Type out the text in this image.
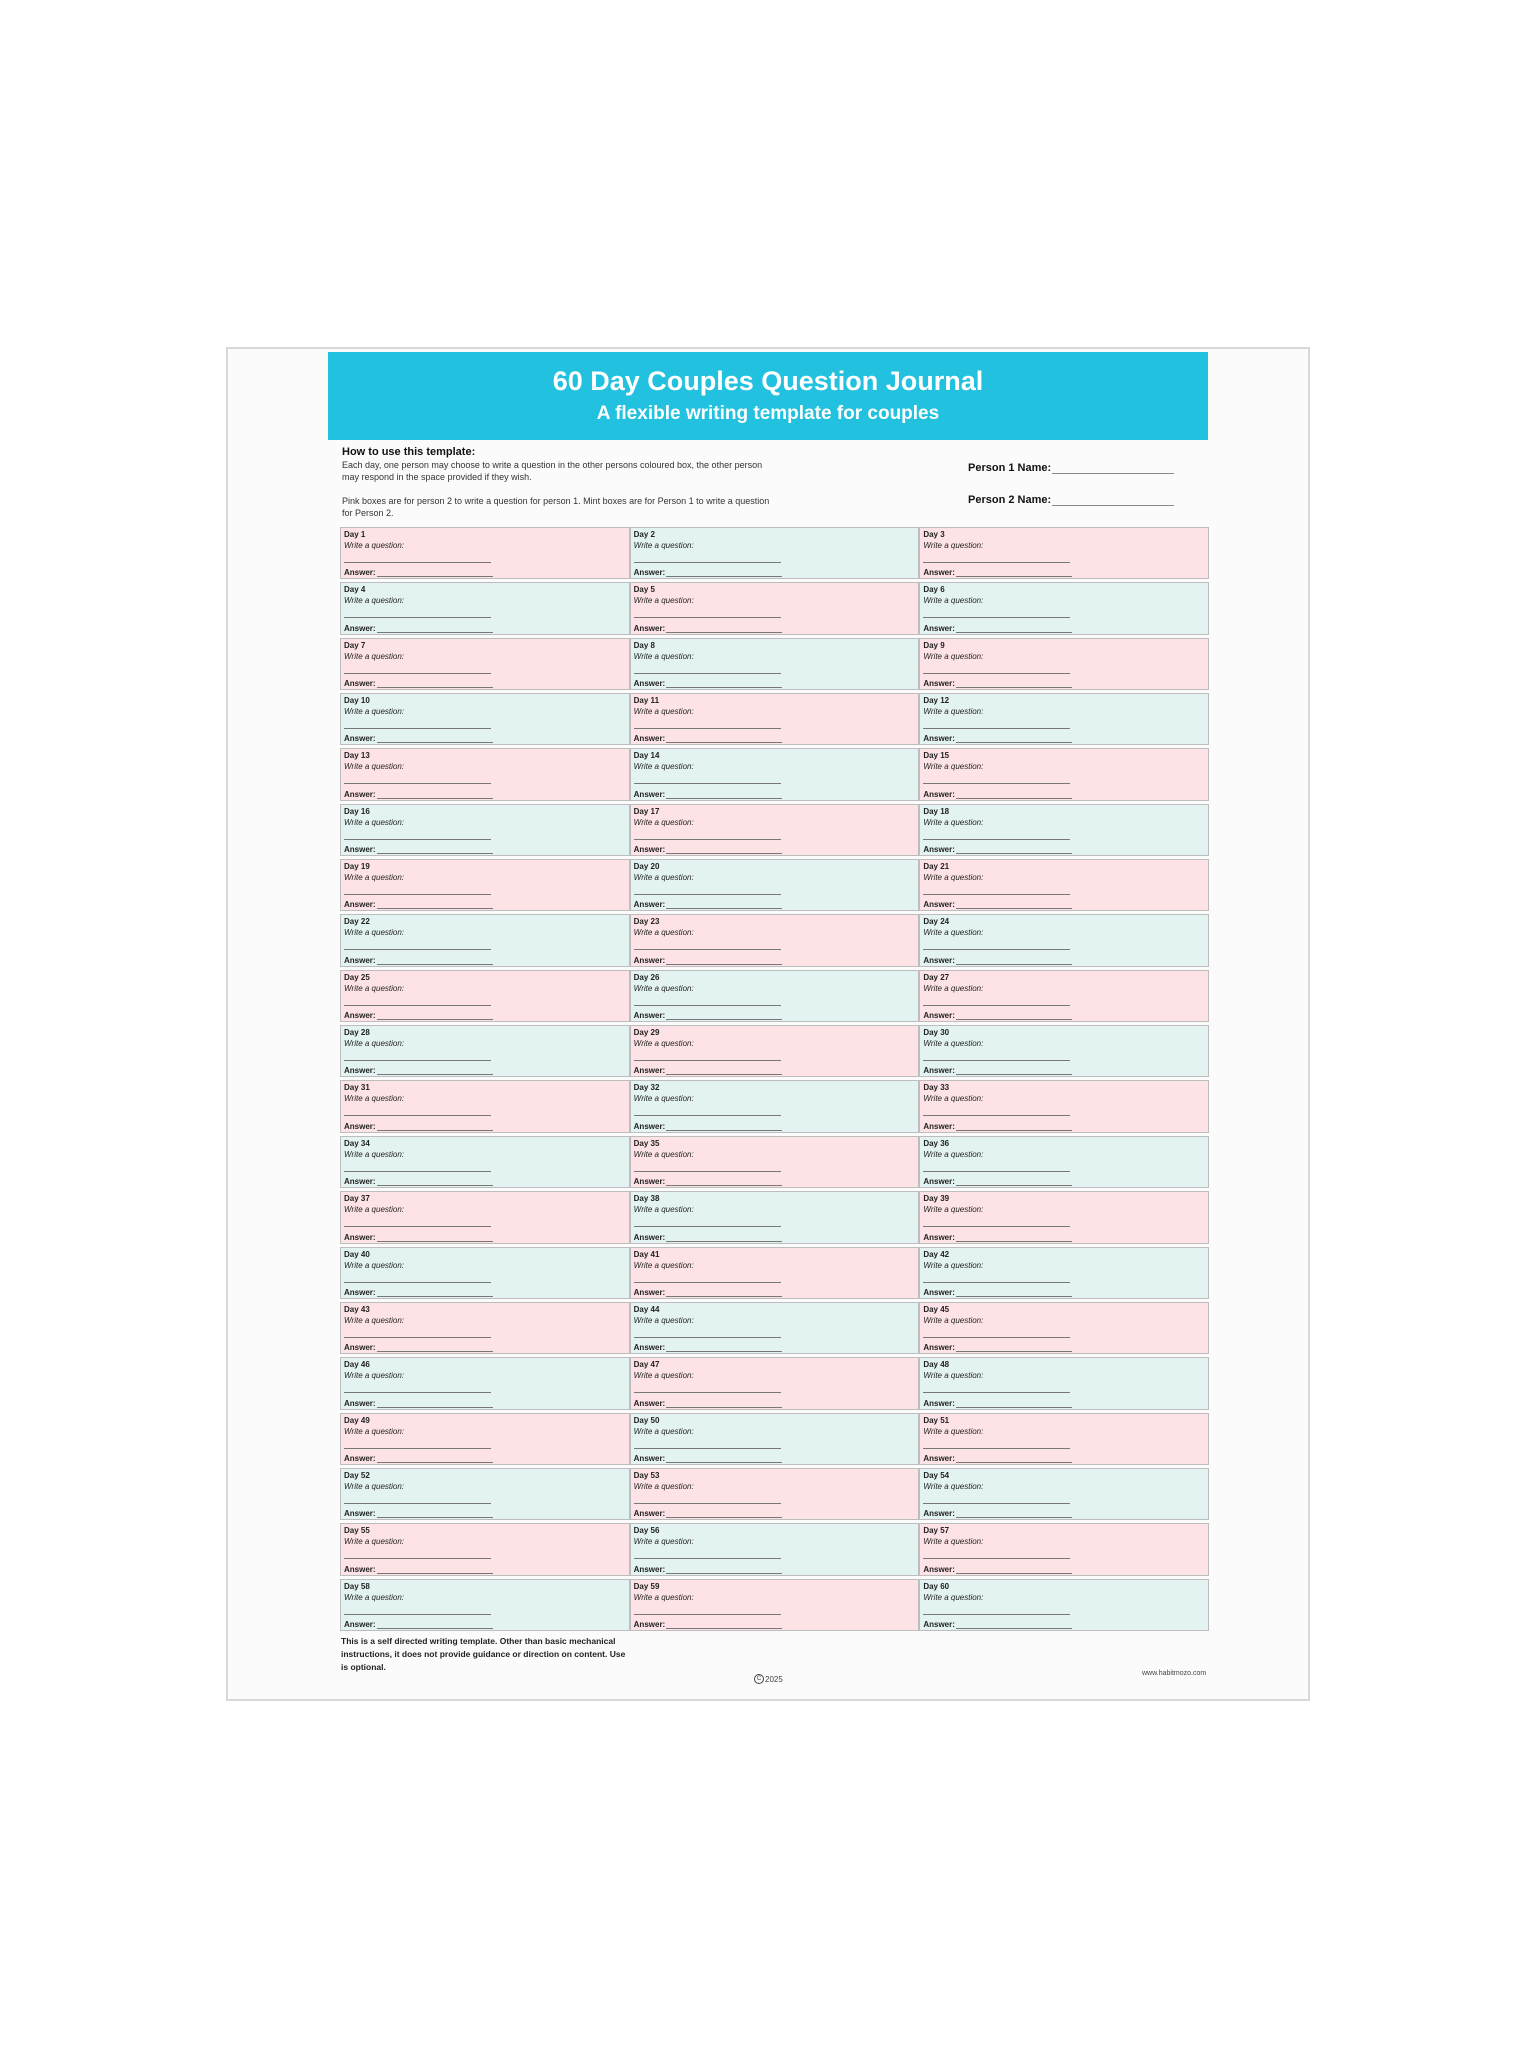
60 Day Couples Question Journal
A flexible writing template for couples
How to use this template:

Each day, one person may choose to write a question in the other persons coloured box, the other person may respond in the space provided if they wish.

Pink boxes are for person 2 to write a question for person 1. Mint boxes are for Person 1 to write a question for Person 2.

Person 1 Name:
Person 2 Name:
Day 1
Write a question:
Answer:
Day 2
Write a question:
Answer:
Day 3
Write a question:
Answer:
Day 4
Write a question:
Answer:
Day 5
Write a question:
Answer:
Day 6
Write a question:
Answer:
Day 7
Write a question:
Answer:
Day 8
Write a question:
Answer:
Day 9
Write a question:
Answer:
Day 10
Write a question:
Answer:
Day 11
Write a question:
Answer:
Day 12
Write a question:
Answer:
Day 13
Write a question:
Answer:
Day 14
Write a question:
Answer:
Day 15
Write a question:
Answer:
Day 16
Write a question:
Answer:
Day 17
Write a question:
Answer:
Day 18
Write a question:
Answer:
Day 19
Write a question:
Answer:
Day 20
Write a question:
Answer:
Day 21
Write a question:
Answer:
Day 22
Write a question:
Answer:
Day 23
Write a question:
Answer:
Day 24
Write a question:
Answer:
Day 25
Write a question:
Answer:
Day 26
Write a question:
Answer:
Day 27
Write a question:
Answer:
Day 28
Write a question:
Answer:
Day 29
Write a question:
Answer:
Day 30
Write a question:
Answer:
Day 31
Write a question:
Answer:
Day 32
Write a question:
Answer:
Day 33
Write a question:
Answer:
Day 34
Write a question:
Answer:
Day 35
Write a question:
Answer:
Day 36
Write a question:
Answer:
Day 37
Write a question:
Answer:
Day 38
Write a question:
Answer:
Day 39
Write a question:
Answer:
Day 40
Write a question:
Answer:
Day 41
Write a question:
Answer:
Day 42
Write a question:
Answer:
Day 43
Write a question:
Answer:
Day 44
Write a question:
Answer:
Day 45
Write a question:
Answer:
Day 46
Write a question:
Answer:
Day 47
Write a question:
Answer:
Day 48
Write a question:
Answer:
Day 49
Write a question:
Answer:
Day 50
Write a question:
Answer:
Day 51
Write a question:
Answer:
Day 52
Write a question:
Answer:
Day 53
Write a question:
Answer:
Day 54
Write a question:
Answer:
Day 55
Write a question:
Answer:
Day 56
Write a question:
Answer:
Day 57
Write a question:
Answer:
Day 58
Write a question:
Answer:
Day 59
Write a question:
Answer:
Day 60
Write a question:
Answer:
This is a self directed writing template. Other than basic mechanical instructions, it does not provide guidance or direction on content. Use is optional.
C 2025
www.habitmozo.com
